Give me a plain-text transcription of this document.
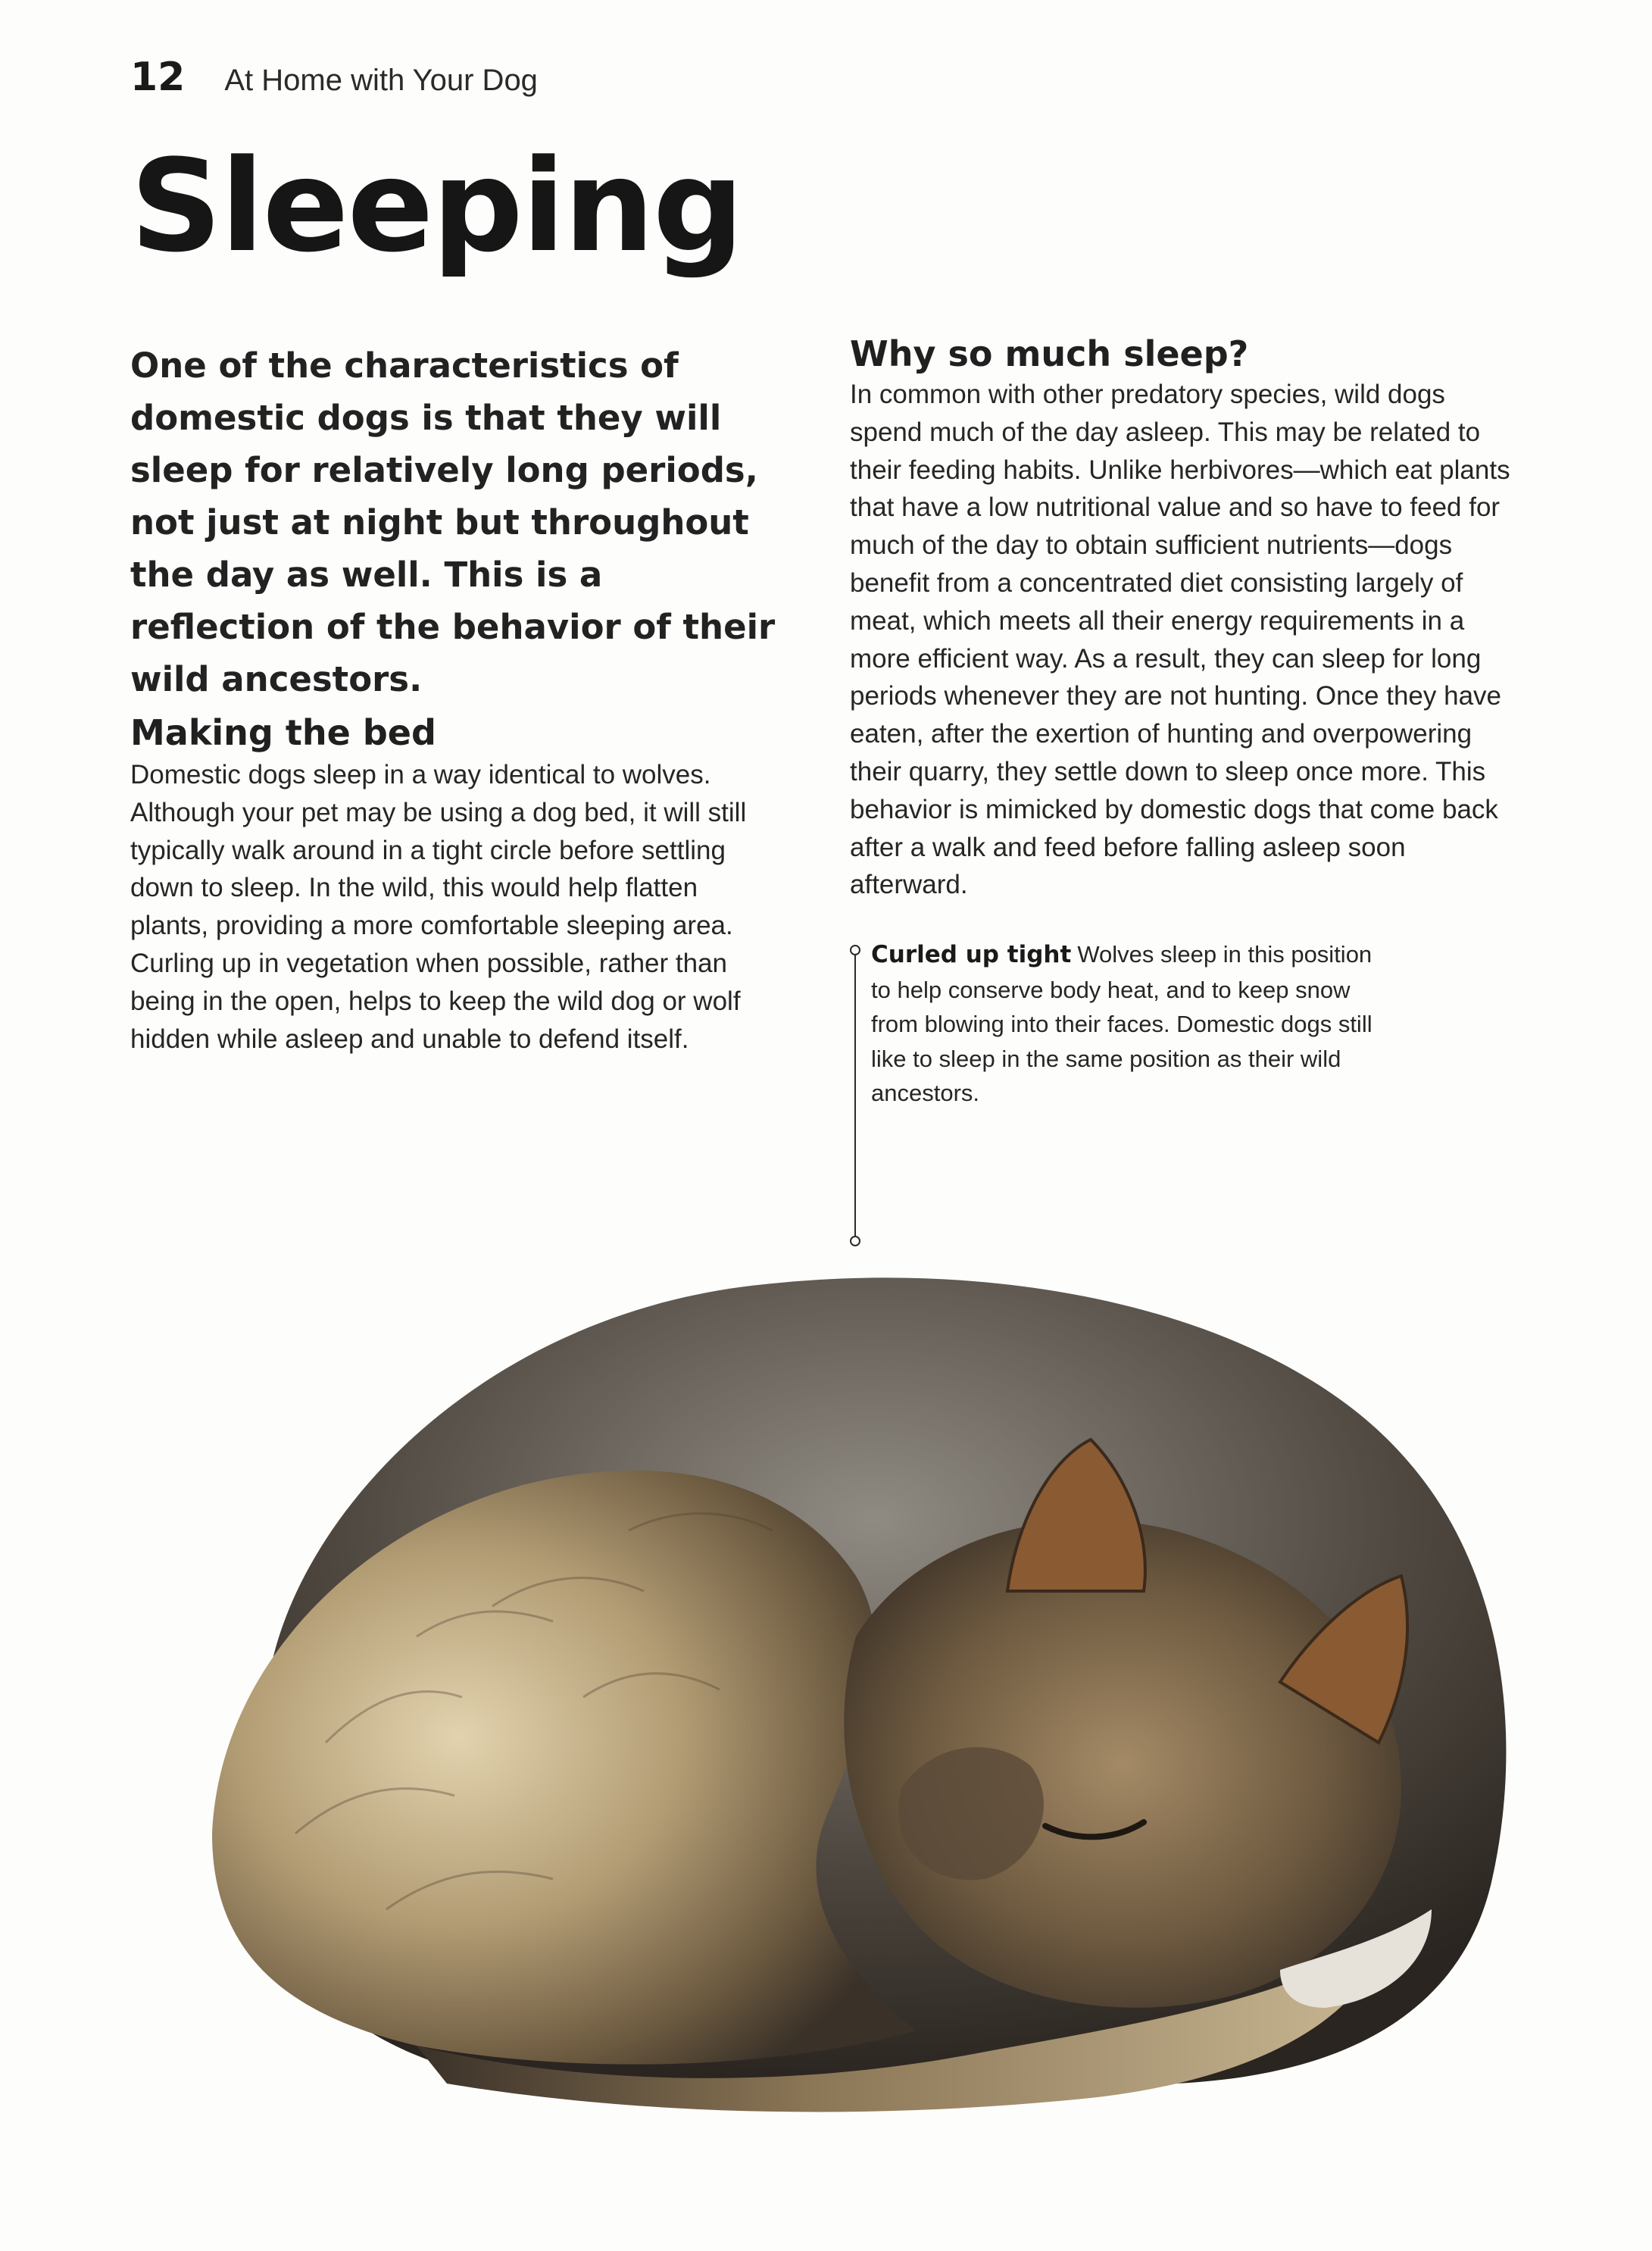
12 At Home with Your Dog
Sleeping

One of the characteristics of domestic dogs is that they will sleep for relatively long periods, not just at night but throughout the day as well. This is a reflection of the behavior of their wild ancestors.

Making the bed

Domestic dogs sleep in a way identical to wolves. Although your pet may be using a dog bed, it will still typically walk around in a tight circle before settling down to sleep. In the wild, this would help flatten plants, providing a more comfortable sleeping area. Curling up in vegetation when possible, rather than being in the open, helps to keep the wild dog or wolf hidden while asleep and unable to defend itself.

Why so much sleep?

In common with other predatory species, wild dogs spend much of the day asleep. This may be related to their feeding habits. Unlike herbivores—which eat plants that have a low nutritional value and so have to feed for much of the day to obtain sufficient nutrients—dogs benefit from a concentrated diet consisting largely of meat, which meets all their energy requirements in a more efficient way. As a result, they can sleep for long periods whenever they are not hunting. Once they have eaten, after the exertion of hunting and overpowering their quarry, they settle down to sleep once more. This behavior is mimicked by domestic dogs that come back after a walk and feed before falling asleep soon afterward.

Curled up tight Wolves sleep in this position to help conserve body heat, and to keep snow from blowing into their faces. Domestic dogs still like to sleep in the same position as their wild ancestors.
